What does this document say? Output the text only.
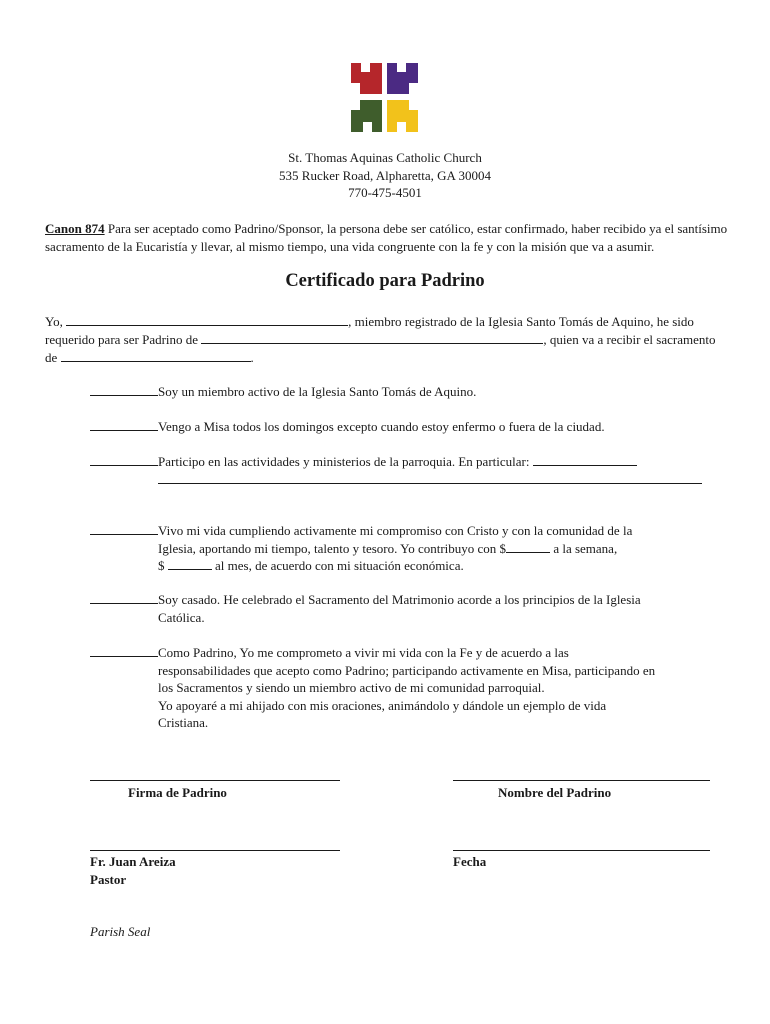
St. Thomas Aquinas Catholic Church
535 Rucker Road, Alpharetta, GA 30004
770-475-4501
Canon 874 Para ser aceptado como Padrino/Sponsor, la persona debe ser católico, estar confirmado, haber recibido ya el santísimo sacramento de la Eucaristía y llevar, al mismo tiempo, una vida congruente con la fe y con la misión que va a asumir.
Certificado para Padrino
Yo,	, miembro registrado de la Iglesia Santo Tomás de Aquino, he sido requerido para ser Padrino de	, quien va a recibir el sacramento de	.
Soy un miembro activo de la Iglesia Santo Tomás de Aquino.
Vengo a Misa todos los domingos excepto cuando estoy enfermo o fuera de la ciudad.
Participo en las actividades y ministerios de la parroquia. En particular:
Vivo mi vida cumpliendo activamente mi compromiso con Cristo y con la comunidad de la
Iglesia, aportando mi tiempo, talento y tesoro. Yo contribuyo con $	a la semana,
$	al mes, de acuerdo con mi situación económica.
Soy casado. He celebrado el Sacramento del Matrimonio acorde a los principios de la Iglesia
Católica.
Como Padrino, Yo me comprometo a vivir mi vida con la Fe y de acuerdo a las
responsabilidades que acepto como Padrino; participando activamente en Misa, participando en
los Sacramentos y siendo un miembro activo de mi comunidad parroquial.
Yo apoyaré a mi ahijado con mis oraciones, animándolo y dándole un ejemplo de vida
Cristiana.
Firma de Padrino	Nombre del Padrino
Fr. Juan Areiza
Pastor
Fecha
Parish Seal
